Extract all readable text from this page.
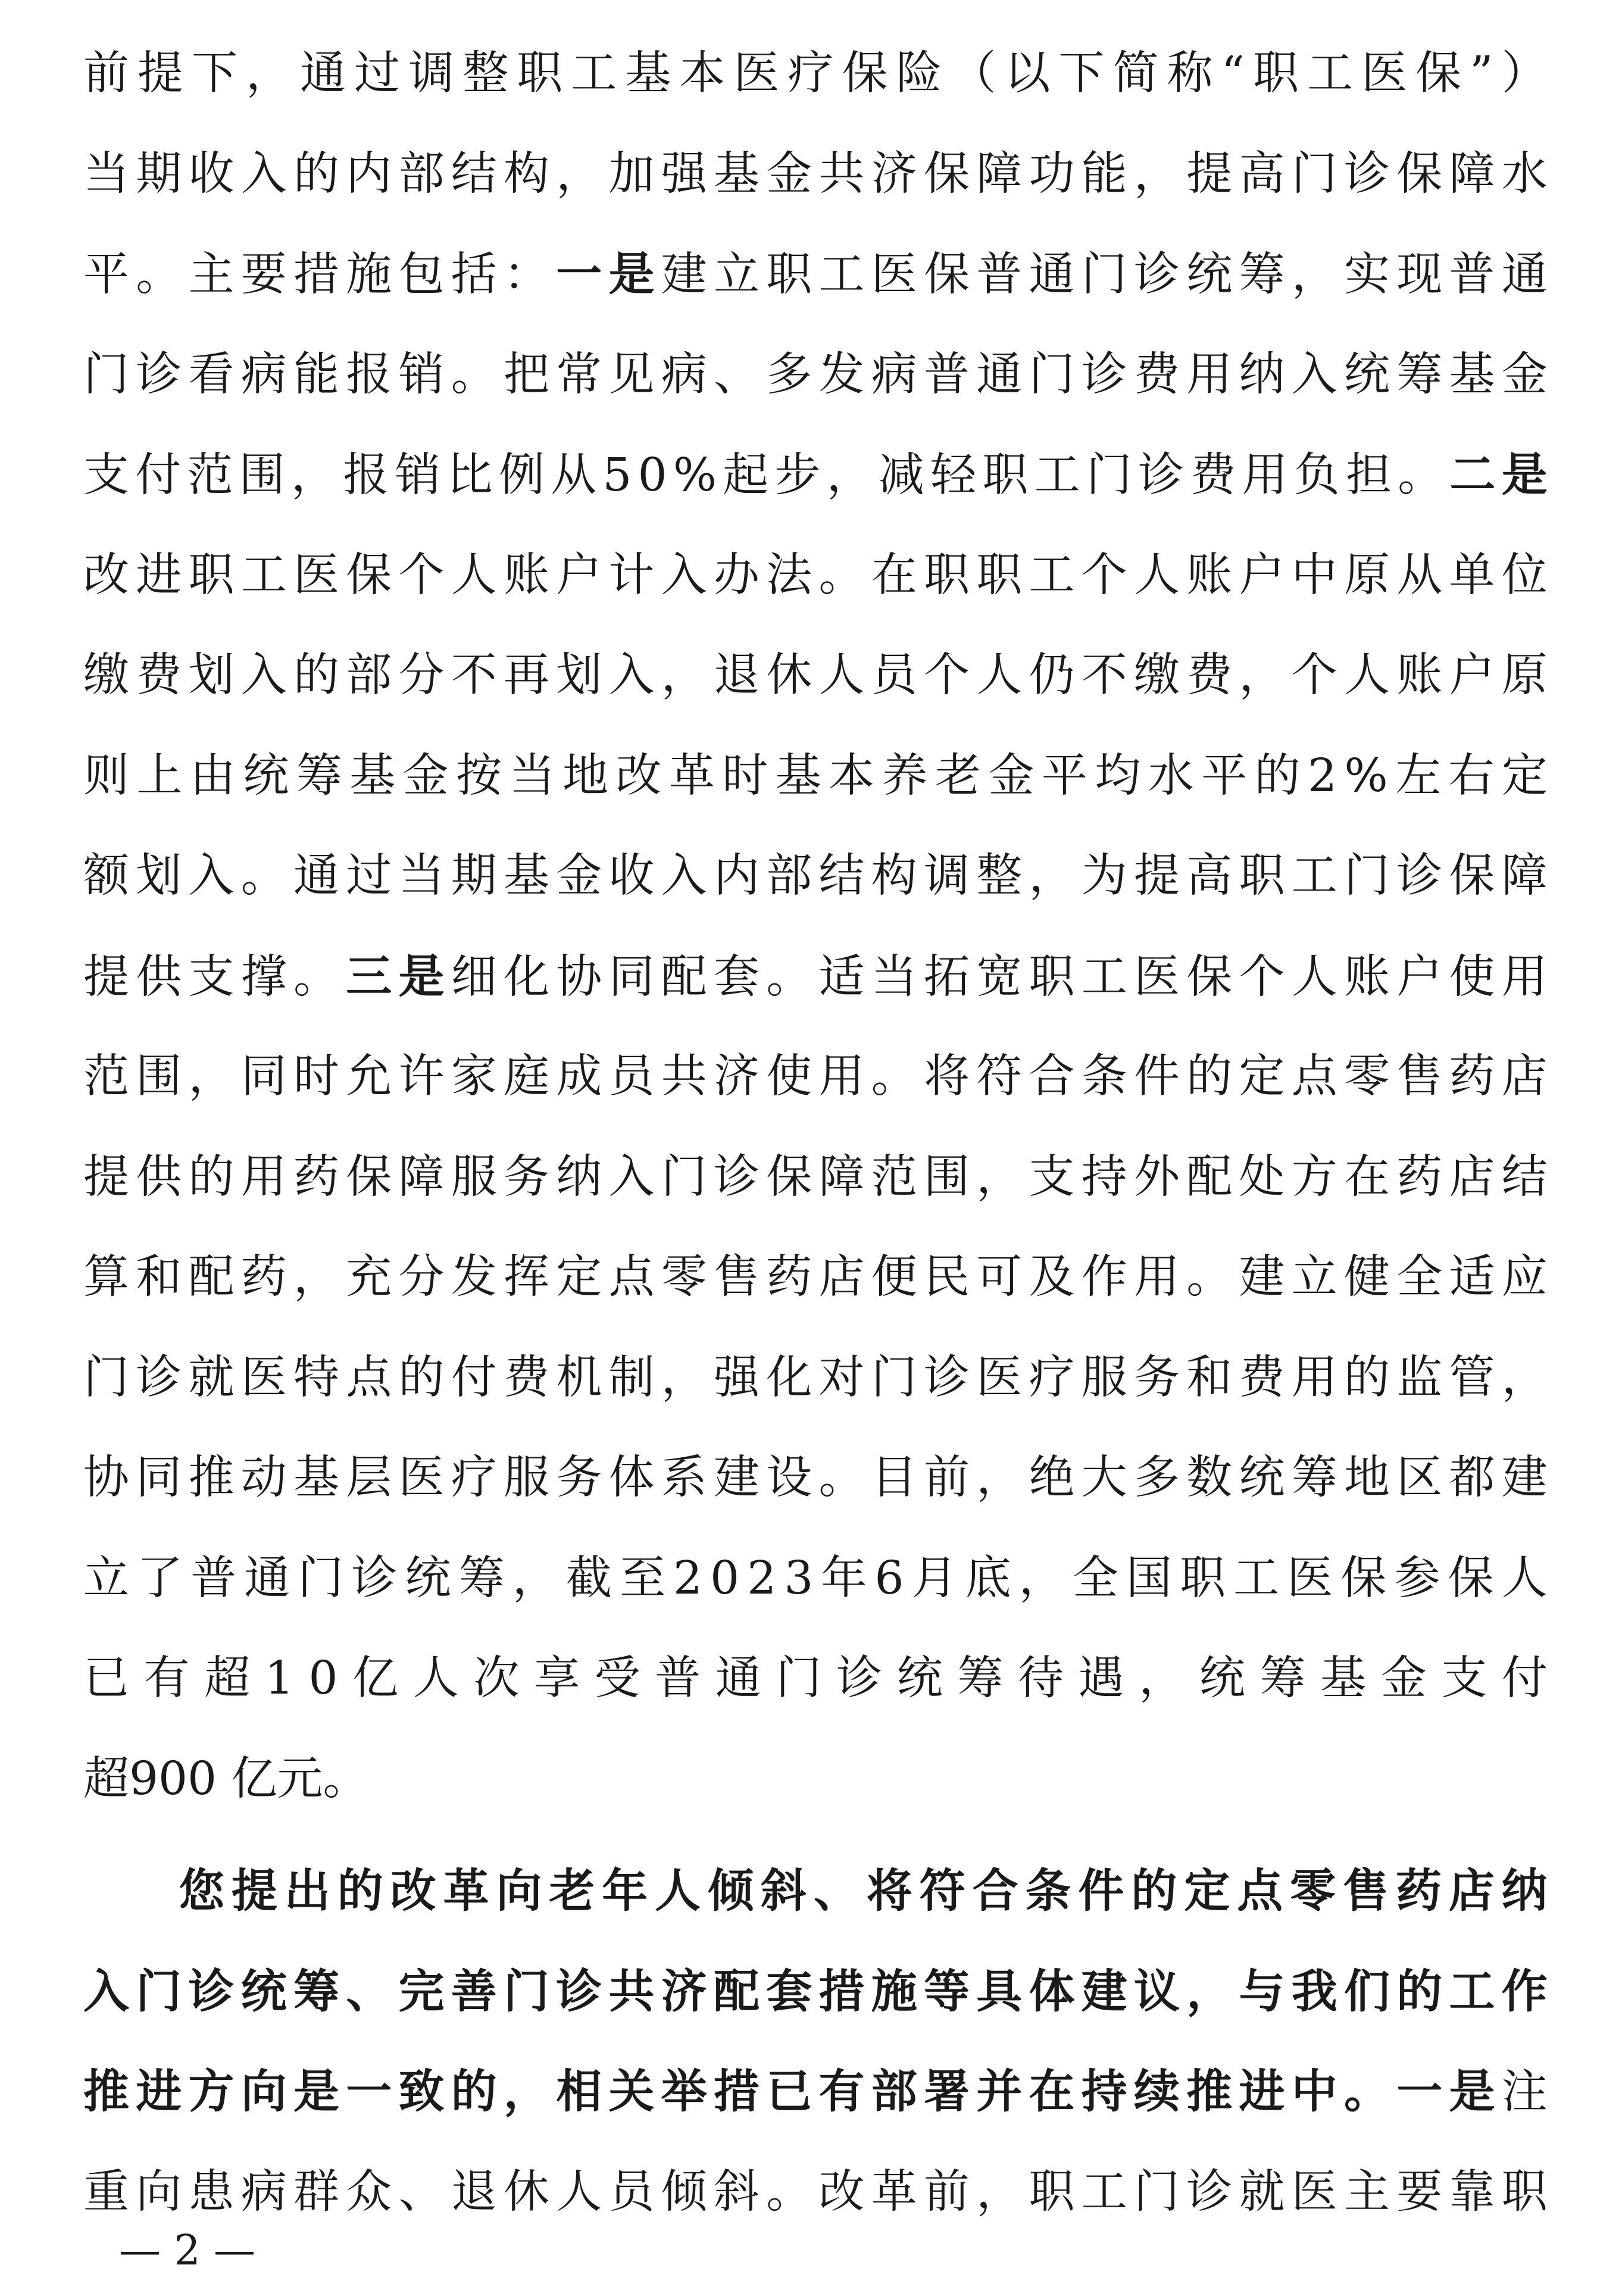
前 提 下 ， 通 过 调 整 职 工 基 本 医 疗 保 险 （ 以 下 简 称 “ 职 工 医 保 ” ）
当 期 收 入 的 内 部 结 构 ， 加 强 基 金 共 济 保 障 功 能 ， 提 高 门 诊 保 障 水
平 。 主 要 措 施 包 括 ： 一 是 建 立 职 工 医 保 普 通 门 诊 统 筹 ， 实 现 普 通
门 诊 看 病 能 报 销 。 把 常 见 病 、 多 发 病 普 通 门 诊 费 用 纳 入 统 筹 基 金
支 付 范 围 ， 报 销 比 例 从 5 0 % 起 步 ， 减 轻 职 工 门 诊 费 用 负 担 。 二 是
改 进 职 工 医 保 个 人 账 户 计 入 办 法 。 在 职 职 工 个 人 账 户 中 原 从 单 位
缴 费 划 入 的 部 分 不 再 划 入 ， 退 休 人 员 个 人 仍 不 缴 费 ， 个 人 账 户 原
则 上 由 统 筹 基 金 按 当 地 改 革 时 基 本 养 老 金 平 均 水 平 的 2 % 左 右 定
额 划 入 。 通 过 当 期 基 金 收 入 内 部 结 构 调 整 ， 为 提 高 职 工 门 诊 保 障
提 供 支 撑 。 三 是 细 化 协 同 配 套 。 适 当 拓 宽 职 工 医 保 个 人 账 户 使 用
范 围 ， 同 时 允 许 家 庭 成 员 共 济 使 用 。 将 符 合 条 件 的 定 点 零 售 药 店
提 供 的 用 药 保 障 服 务 纳 入 门 诊 保 障 范 围 ， 支 持 外 配 处 方 在 药 店 结
算 和 配 药 ， 充 分 发 挥 定 点 零 售 药 店 便 民 可 及 作 用 。 建 立 健 全 适 应
门 诊 就 医 特 点 的 付 费 机 制 ， 强 化 对 门 诊 医 疗 服 务 和 费 用 的 监 管 ，
协 同 推 动 基 层 医 疗 服 务 体 系 建 设 。 目 前 ， 绝 大 多 数 统 筹 地 区 都 建
立 了 普 通 门 诊 统 筹 ， 截 至 2 0 2 3 年 6 月 底 ， 全 国 职 工 医 保 参 保 人
已 有 超 1 0 亿 人 次 享 受 普 通 门 诊 统 筹 待 遇 ， 统 筹 基 金 支 付
超900 亿元。
您 提 出 的 改 革 向 老 年 人 倾 斜 、 将 符 合 条 件 的 定 点 零 售 药 店 纳
入 门 诊 统 筹 、 完 善 门 诊 共 济 配 套 措 施 等 具 体 建 议 ， 与 我 们 的 工 作
推 进 方 向 是 一 致 的 ， 相 关 举 措 已 有 部 署 并 在 持 续 推 进 中 。 一 是 注
重 向 患 病 群 众 、 退 休 人 员 倾 斜 。 改 革 前 ， 职 工 门 诊 就 医 主 要 靠 职
— 2 —
